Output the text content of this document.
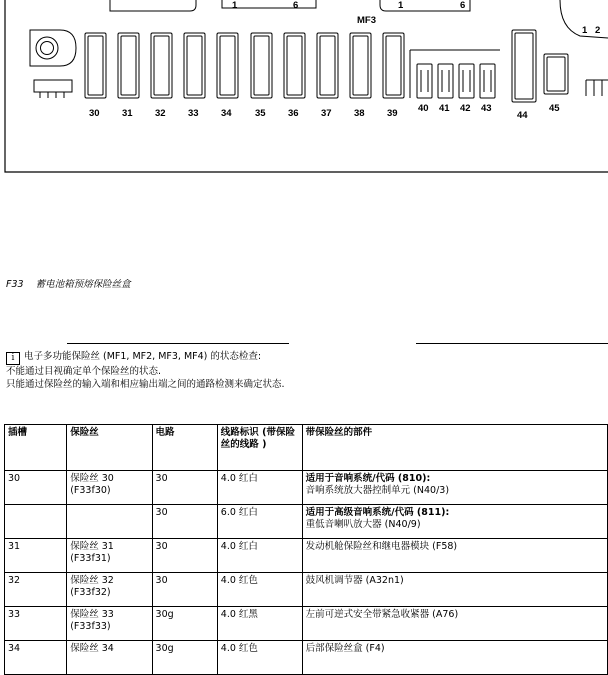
1	6	1	6
MF3
1 2
30 31 32 33 34 35 36 37 38 39 40 41 42 43
44
45
F33 蓄电池箱预熔保险丝盒
i 电子多功能保险丝 (MF1, MF2, MF3, MF4) 的状态检查:
不能通过目视确定单个保险丝的状态.
只能通过保险丝的输入端和相应输出端之间的通路检测来确定状态.
插槽	保险丝	电路	线路标识 (带保险丝的线路 )	带保险丝的部件
30	保险丝 30 (F33f30)	30	4.0 红白	适用于音响系统/代码 (810):
音响系统放大器控制单元 (N40/3)

		30	6.0 红白	适用于高级音响系统/代码 (811):
重低音喇叭放大器 (N40/9)

31	保险丝 31 (F33f31)	30	4.0 红白	发动机舱保险丝和继电器模块 (F58)

32	保险丝 32 (F33f32)	30	4.0 红色	鼓风机调节器 (A32n1)

33	保险丝 33 (F33f33)	30g	4.0 红黑	左前可逆式安全带紧急收紧器 (A76)

34	保险丝 34	30g	4.0 红色	后部保险丝盒 (F4)
